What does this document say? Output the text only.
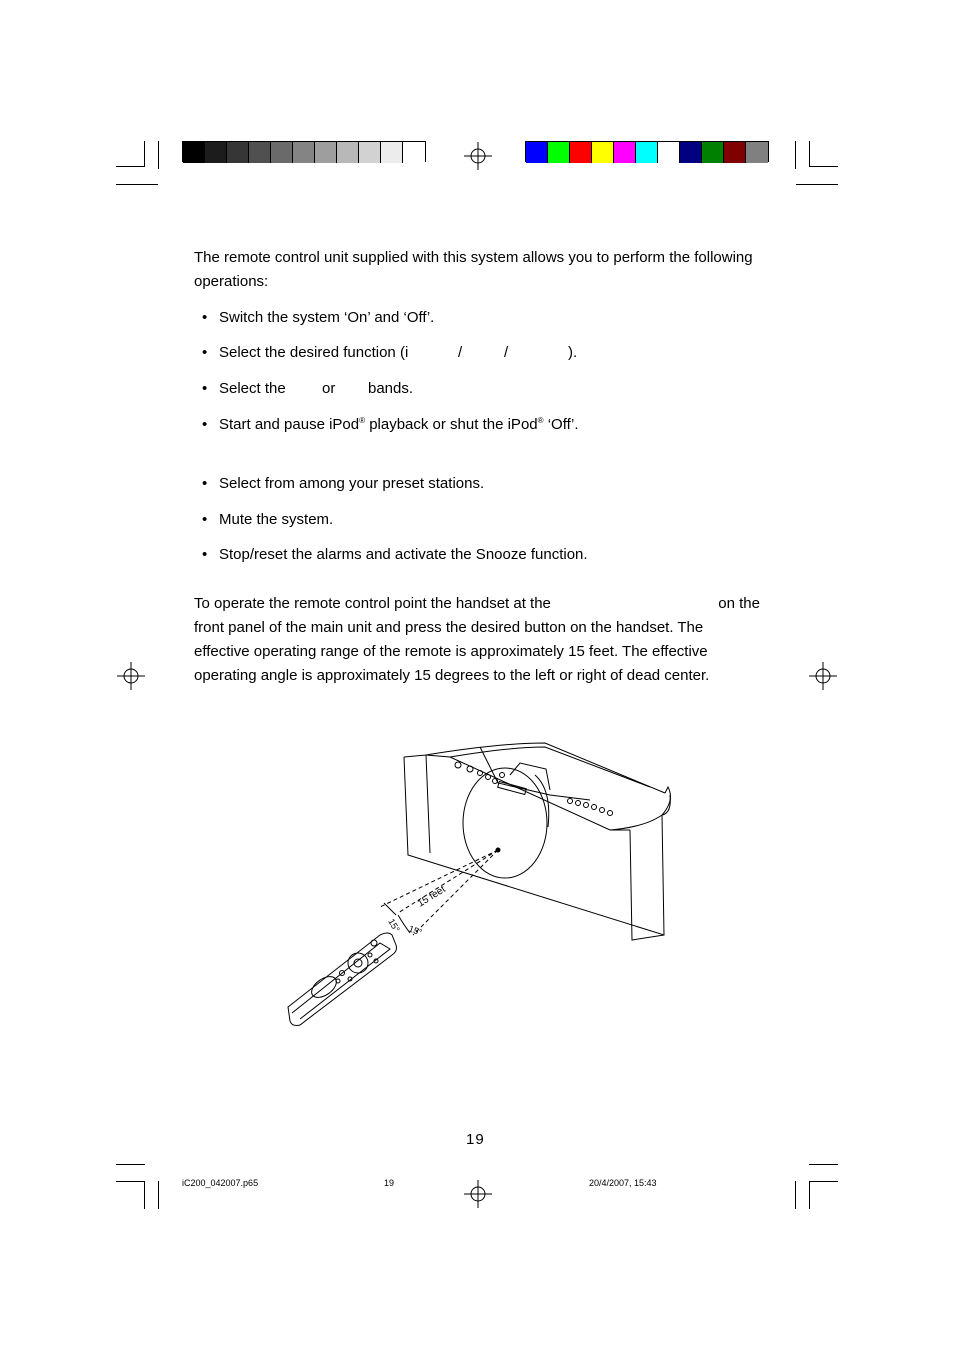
The remote control unit supplied with this system allows you to perform the following
operations:
• Switch the system ‘On’ and ‘Off’.
• Select the desired function (i	/	/	).
• Select the or bands.
• Start and pause iPod® playback or shut the iPod® ‘Off’.
• Select from among your preset stations.
• Mute the system.
• Stop/reset the alarms and activate the Snooze function.
To operate the remote control point the handset at the	on the
front panel of the main unit and press the desired button on the handset. The
effective operating range of the remote is approximately 15 feet. The effective
operating angle is approximately 15 degrees to the left or right of dead center.
15° 15°
15 feet
19
iC200_042007.p65	19	20/4/2007, 15:43
